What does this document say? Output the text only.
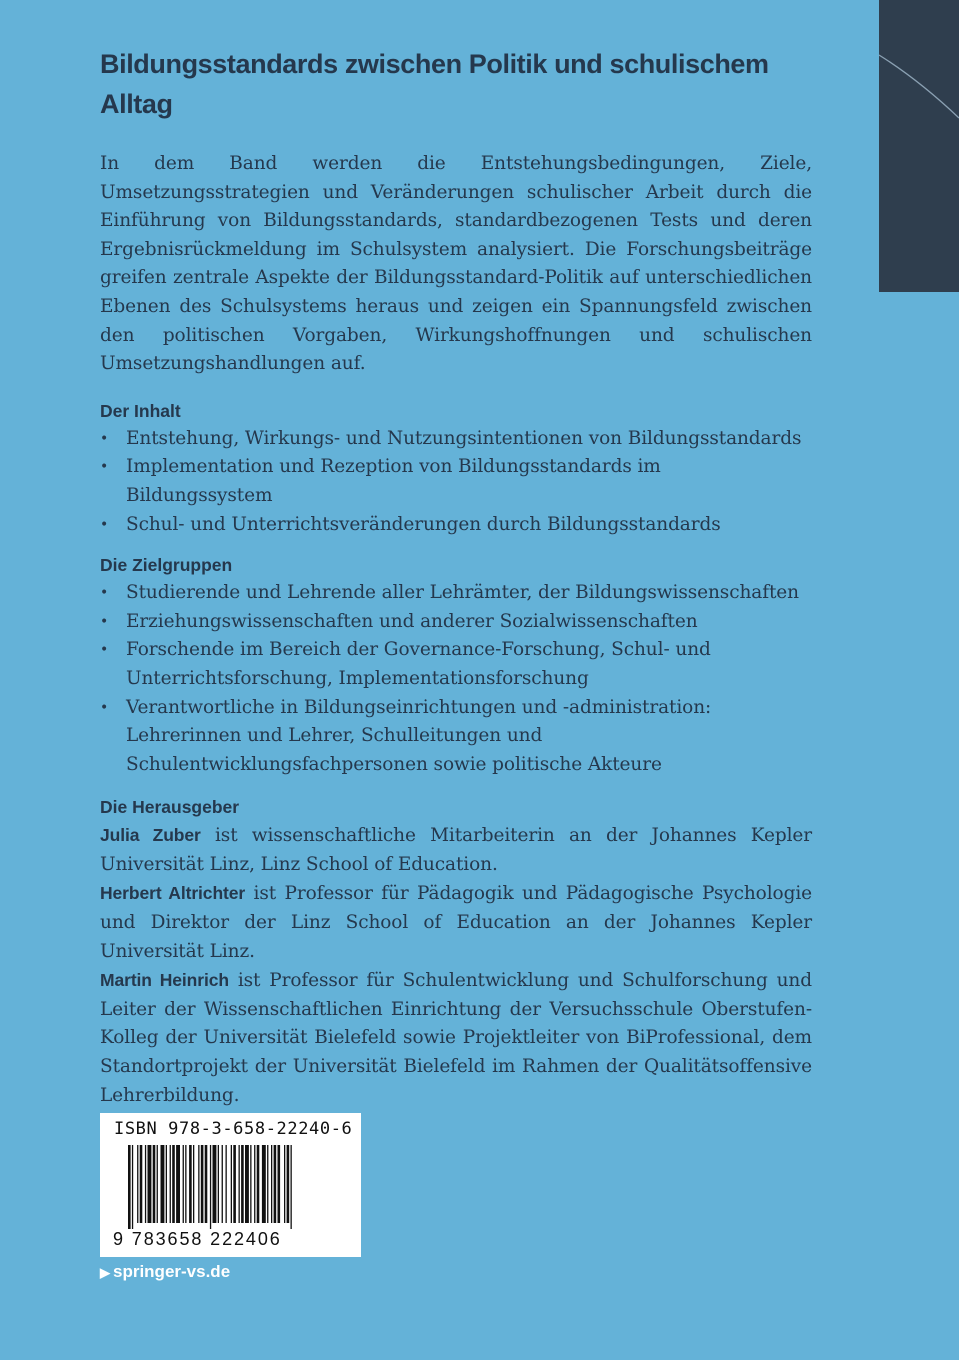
Bildungsstandards zwischen Politik und schulischem Alltag

In dem Band werden die Entstehungsbedingungen, Ziele, Umsetzungsstrategien und Veränderungen schulischer Arbeit durch die Einführung von Bildungsstandards, standardbezogenen Tests und deren Ergebnisrückmeldung im Schulsystem analysiert. Die Forschungsbeiträge greifen zentrale Aspekte der Bildungsstandard-Politik auf unterschiedlichen Ebenen des Schulsystems heraus und zeigen ein Spannungsfeld zwischen den politischen Vorgaben, Wirkungshoffnungen und schulischen Umsetzungshandlungen auf.

Der Inhalt
• Entstehung, Wirkungs- und Nutzungsintentionen von Bildungsstandards
• Implementation und Rezeption von Bildungsstandards im Bildungssystem
• Schul- und Unterrichtsveränderungen durch Bildungsstandards
Die Zielgruppen
• Studierende und Lehrende aller Lehrämter, der Bildungswissenschaften
• Erziehungswissenschaften und anderer Sozialwissenschaften
• Forschende im Bereich der Governance-Forschung, Schul- und Unterrichtsforschung, Implementationsforschung
• Verantwortliche in Bildungseinrichtungen und -administration: Lehrerinnen und Lehrer, Schulleitungen und Schulentwicklungsfachpersonen sowie politische Akteure
Die Herausgeber

Julia Zuber ist wissenschaftliche Mitarbeiterin an der Johannes Kepler Universität Linz, Linz School of Education.

Herbert Altrichter ist Professor für Pädagogik und Pädagogische Psychologie und Direktor der Linz School of Education an der Johannes Kepler Universität Linz.

Martin Heinrich ist Professor für Schulentwicklung und Schulforschung und Leiter der Wissenschaftlichen Einrichtung der Versuchsschule Oberstufen-Kolleg der Universität Bielefeld sowie Projektleiter von BiProfessional, dem Standortprojekt der Universität Bielefeld im Rahmen der Qualitätsoffensive Lehrerbildung.

ISBN 978-3-658-22240-6
9 783658 222406
▶ springer-vs.de
